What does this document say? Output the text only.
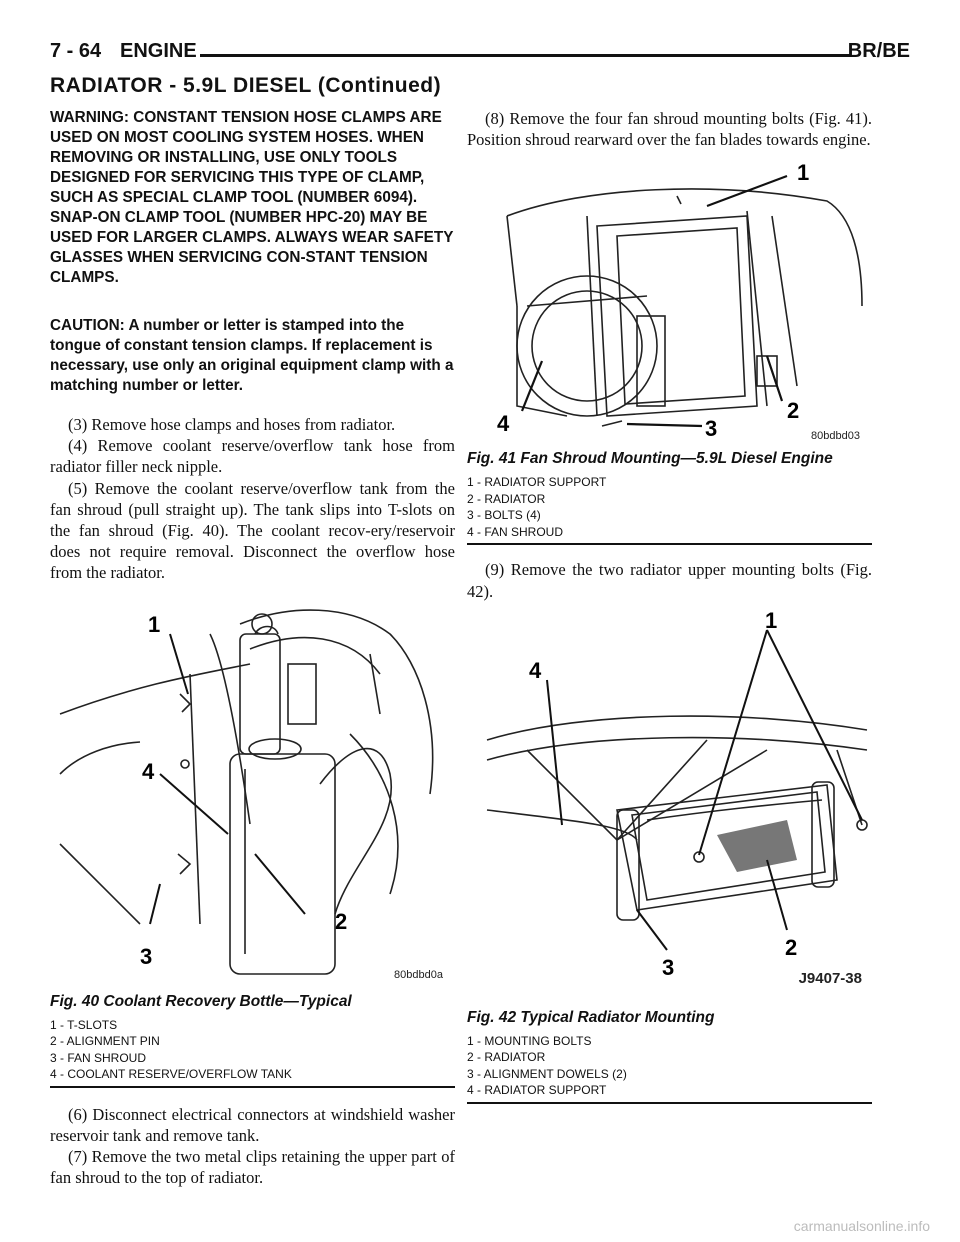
7 - 64 ENGINE	BR/BE
RADIATOR - 5.9L DIESEL (Continued)

WARNING: CONSTANT TENSION HOSE CLAMPS ARE USED ON MOST COOLING SYSTEM HOSES. WHEN REMOVING OR INSTALLING, USE ONLY TOOLS DESIGNED FOR SERVICING THIS TYPE OF CLAMP, SUCH AS SPECIAL CLAMP TOOL (NUMBER 6094). SNAP-ON CLAMP TOOL (NUMBER HPC-20) MAY BE USED FOR LARGER CLAMPS. ALWAYS WEAR SAFETY GLASSES WHEN SERVICING CON-STANT TENSION CLAMPS.

CAUTION: A number or letter is stamped into the tongue of constant tension clamps. If replacement is necessary, use only an original equipment clamp with a matching number or letter.

(3) Remove hose clamps and hoses from radiator.

(4) Remove coolant reserve/overflow tank hose from radiator filler neck nipple.

(5) Remove the coolant reserve/overflow tank from the fan shroud (pull straight up). The tank slips into T-slots on the fan shroud (Fig. 40). The coolant recov-ery/reservoir does not require removal. Disconnect the overflow hose from the radiator.

1
4
2
3
80bdbd0a
Fig. 40 Coolant Recovery Bottle—Typical
1 - T-SLOTS
2 - ALIGNMENT PIN
3 - FAN SHROUD
4 - COOLANT RESERVE/OVERFLOW TANK

(6) Disconnect electrical connectors at windshield washer reservoir tank and remove tank.

(7) Remove the two metal clips retaining the upper part of fan shroud to the top of radiator.

(8) Remove the four fan shroud mounting bolts (Fig. 41). Position shroud rearward over the fan blades towards engine.

1
2
3
4	80bdbd03
Fig. 41 Fan Shroud Mounting—5.9L Diesel Engine
1 - RADIATOR SUPPORT
2 - RADIATOR
3 - BOLTS (4)
4 - FAN SHROUD

(9) Remove the two radiator upper mounting bolts (Fig. 42).

1
4
2
3	J9407-38
Fig. 42 Typical Radiator Mounting
1 - MOUNTING BOLTS
2 - RADIATOR
3 - ALIGNMENT DOWELS (2)
4 - RADIATOR SUPPORT
carmanualsonline.info
